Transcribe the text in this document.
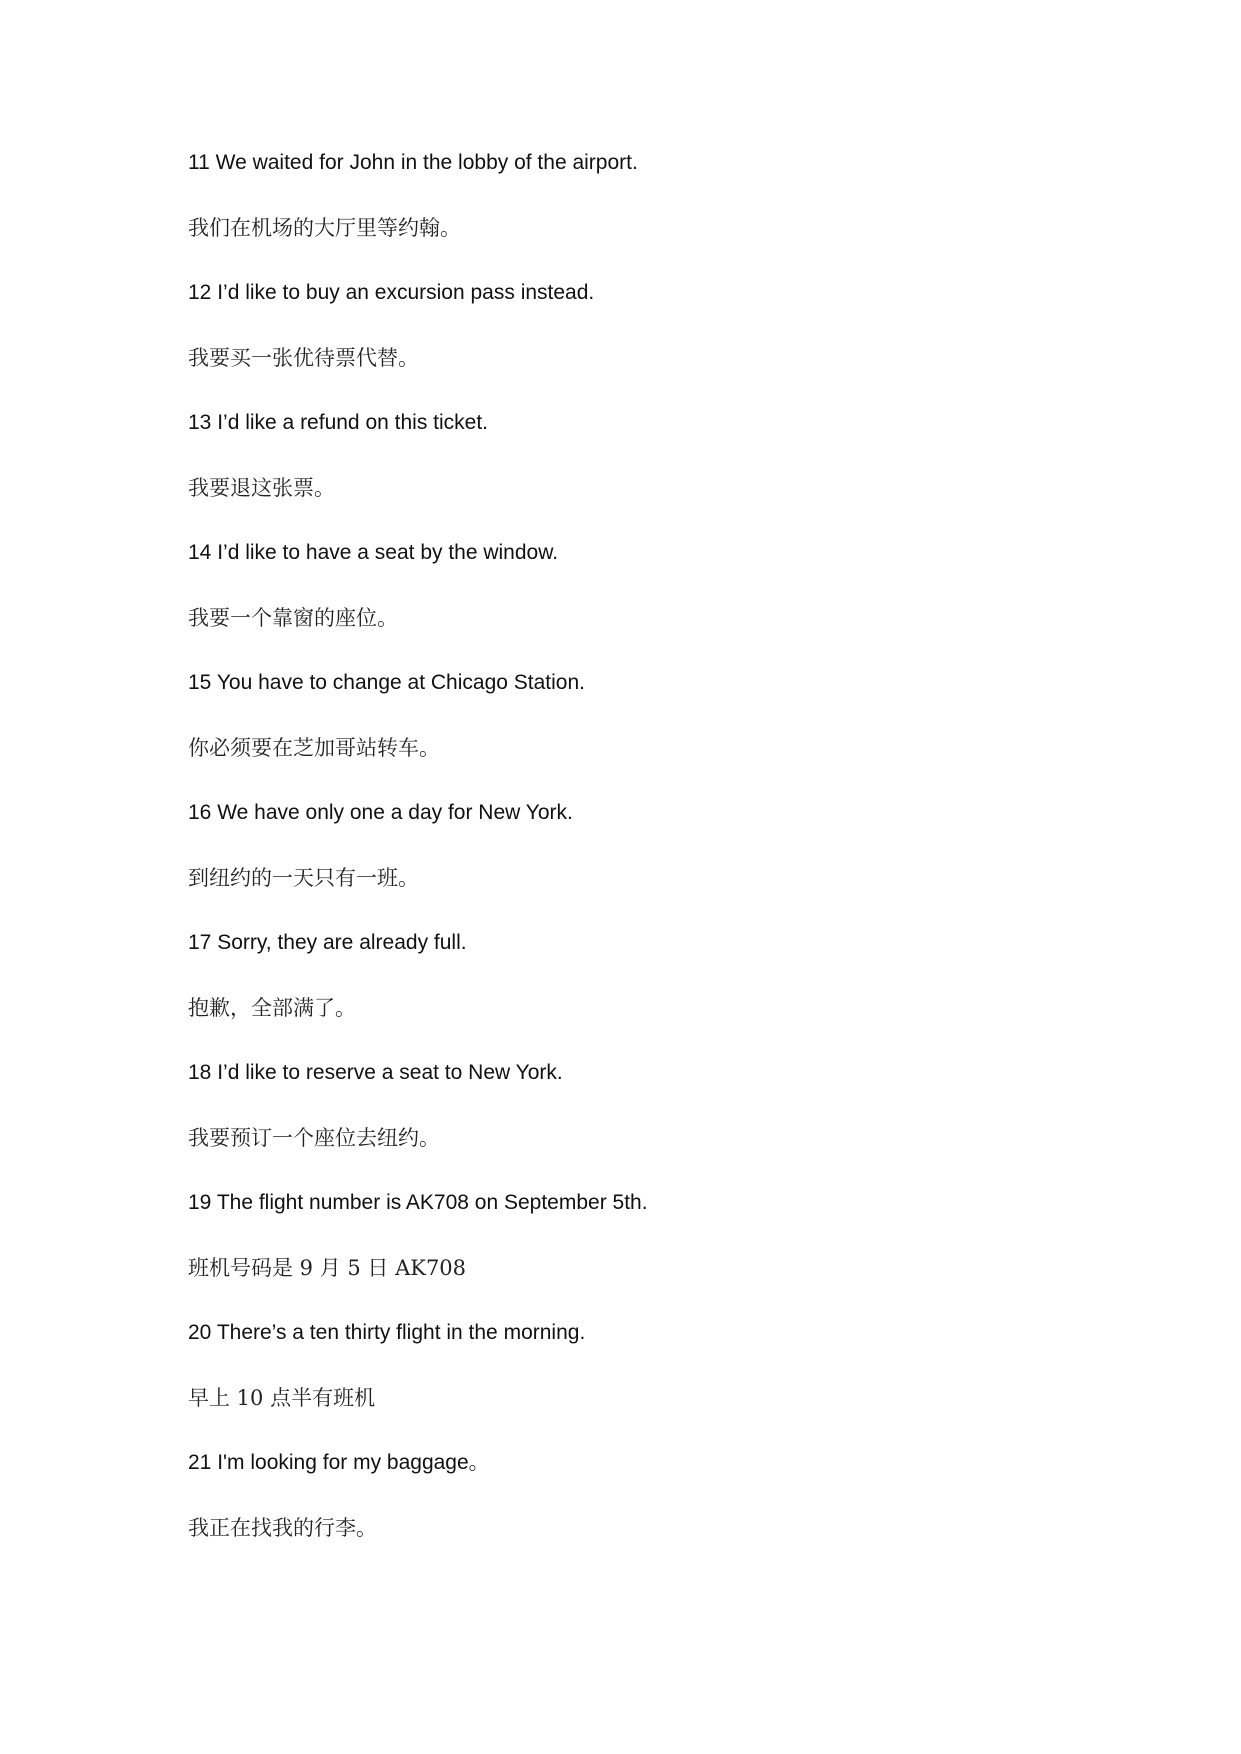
11 We waited for John in the lobby of the airport.
我们在机场的大厅里等约翰。
12 I’d like to buy an excursion pass instead.
我要买一张优待票代替。
13 I’d like a refund on this ticket.
我要退这张票。
14 I’d like to have a seat by the window.
我要一个靠窗的座位。
15 You have to change at Chicago Station.
你必须要在芝加哥站转车。
16 We have only one a day for New York.
到纽约的一天只有一班。
17 Sorry, they are already full.
抱歉，全部满了。
18 I’d like to reserve a seat to New York.
我要预订一个座位去纽约。
19 The flight number is AK708 on September 5th.
班机号码是 9 月 5 日 AK708
20 There’s a ten thirty flight in the morning.
早上 10 点半有班机
21 I'm looking for my baggage。
我正在找我的行李。
